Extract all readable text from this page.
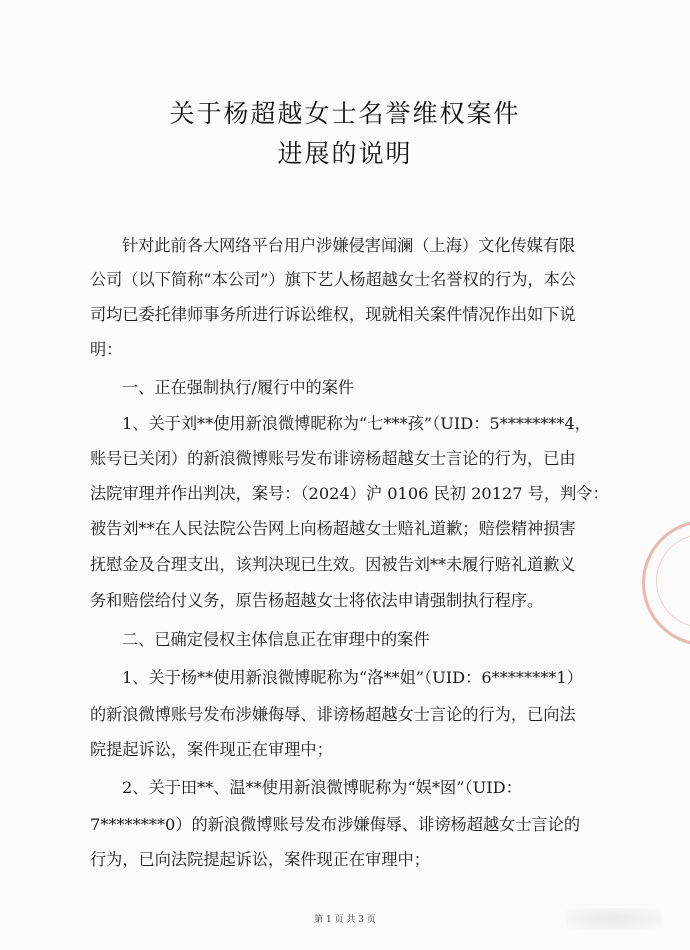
关于杨超越女士名誉维权案件
进展的说明
针对此前各大网络平台用户涉嫌侵害闻澜（上海）文化传媒有限
公司（以下简称“本公司”）旗下艺人杨超越女士名誉权的行为，本公
司均已委托律师事务所进行诉讼维权，现就相关案件情况作出如下说
明：
一、正在强制执行/履行中的案件
1、关于刘**使用新浪微博昵称为“七***孩”（UID：5********4，
账号已关闭）的新浪微博账号发布诽谤杨超越女士言论的行为，已由
法院审理并作出判决，案号：（2024）沪 0106 民初 20127 号，判令：
被告刘**在人民法院公告网上向杨超越女士赔礼道歉；赔偿精神损害
抚慰金及合理支出，该判决现已生效。因被告刘**未履行赔礼道歉义
务和赔偿给付义务，原告杨超越女士将依法申请强制执行程序。
二、已确定侵权主体信息正在审理中的案件
1、关于杨**使用新浪微博昵称为“洛**姐”（UID：6********1）
的新浪微博账号发布涉嫌侮辱、诽谤杨超越女士言论的行为，已向法
院提起诉讼，案件现正在审理中；
2、关于田**、温**使用新浪微博昵称为“娱*囡”（UID：
7********0）的新浪微博账号发布涉嫌侮辱、诽谤杨超越女士言论的
行为，已向法院提起诉讼，案件现正在审理中；
第 1 页 共 3 页
